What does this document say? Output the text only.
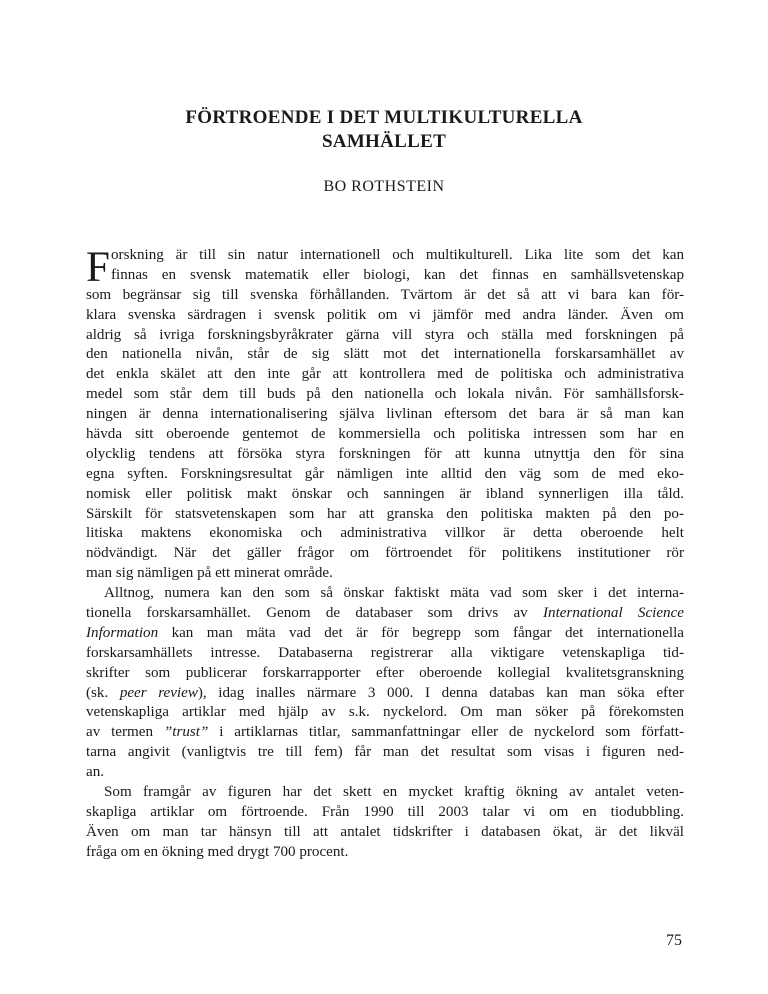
FÖRTROENDE I DET MULTIKULTURELLA
SAMHÄLLET
BO ROTHSTEIN
F orskning är till sin natur internationell och multikulturell. Lika lite som det kan
finnas en svensk matematik eller biologi, kan det finnas en samhällsvetenskap
som begränsar sig till svenska förhållanden. Tvärtom är det så att vi bara kan för-
klara svenska särdragen i svensk politik om vi jämför med andra länder. Även om
aldrig så ivriga forskningsbyråkrater gärna vill styra och ställa med forskningen på
den nationella nivån, står de sig slätt mot det internationella forskarsamhället av
det enkla skälet att den inte går att kontrollera med de politiska och administrativa
medel som står dem till buds på den nationella och lokala nivån. För samhällsforsk-
ningen är denna internationalisering själva livlinan eftersom det bara är så man kan
hävda sitt oberoende gentemot de kommersiella och politiska intressen som har en
olycklig tendens att försöka styra forskningen för att kunna utnyttja den för sina
egna syften. Forskningsresultat går nämligen inte alltid den väg som de med eko-
nomisk eller politisk makt önskar och sanningen är ibland synnerligen illa tåld.
Särskilt för statsvetenskapen som har att granska den politiska makten på den po-
litiska maktens ekonomiska och administrativa villkor är detta oberoende helt
nödvändigt. När det gäller frågor om förtroendet för politikens institutioner rör
man sig nämligen på ett minerat område.
Alltnog, numera kan den som så önskar faktiskt mäta vad som sker i det interna-
tionella forskarsamhället. Genom de databaser som drivs av International Science
Information kan man mäta vad det är för begrepp som fångar det internationella
forskarsamhällets intresse. Databaserna registrerar alla viktigare vetenskapliga tid-
skrifter som publicerar forskarrapporter efter oberoende kollegial kvalitetsgranskning
(sk. peer review), idag inalles närmare 3 000. I denna databas kan man söka efter
vetenskapliga artiklar med hjälp av s.k. nyckelord. Om man söker på förekomsten
av termen ”trust” i artiklarnas titlar, sammanfattningar eller de nyckelord som författ-
tarna angivit (vanligtvis tre till fem) får man det resultat som visas i figuren ned-
an.
Som framgår av figuren har det skett en mycket kraftig ökning av antalet veten-
skapliga artiklar om förtroende. Från 1990 till 2003 talar vi om en tiodubbling.
Även om man tar hänsyn till att antalet tidskrifter i databasen ökat, är det likväl
fråga om en ökning med drygt 700 procent.
75
